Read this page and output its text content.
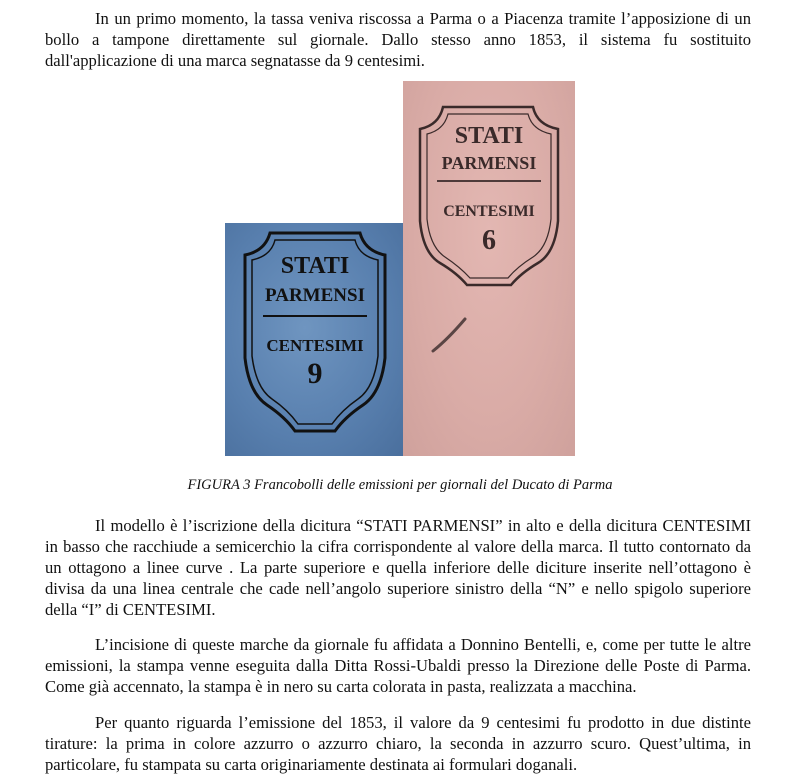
In un primo momento, la tassa veniva riscossa a Parma o a Piacenza tramite l’apposizione di un bollo a tampone direttamente sul giornale. Dallo stesso anno 1853, il sistema fu sostituito dall'applicazione di una marca segnatasse da 9 centesimi.

STATI
PARMENSI
CENTESIMI
9
STATI
PARMENSI
CENTESIMI
6
FIGURA 3 Francobolli delle emissioni per giornali del Ducato di Parma

Il modello è l’iscrizione della dicitura “STATI PARMENSI” in alto e della dicitura CENTESIMI in basso che racchiude a semicerchio la cifra corrispondente al valore della marca. Il tutto contornato da un ottagono a linee curve . La parte superiore e quella inferiore delle diciture inserite nell’ottagono è divisa da una linea centrale che cade nell’angolo superiore sinistro della “N” e nello spigolo superiore della “I” di CENTESIMI.

L’incisione di queste marche da giornale fu affidata a Donnino Bentelli, e, come per tutte le altre emissioni, la stampa venne eseguita dalla Ditta Rossi-Ubaldi presso la Direzione delle Poste di Parma. Come già accennato, la stampa è in nero su carta colorata in pasta, realizzata a macchina.

Per quanto riguarda l’emissione del 1853, il valore da 9 centesimi fu prodotto in due distinte tirature: la prima in colore azzurro o azzurro chiaro, la seconda in azzurro scuro. Quest’ultima, in particolare, fu stampata su carta originariamente destinata ai formulari doganali.
